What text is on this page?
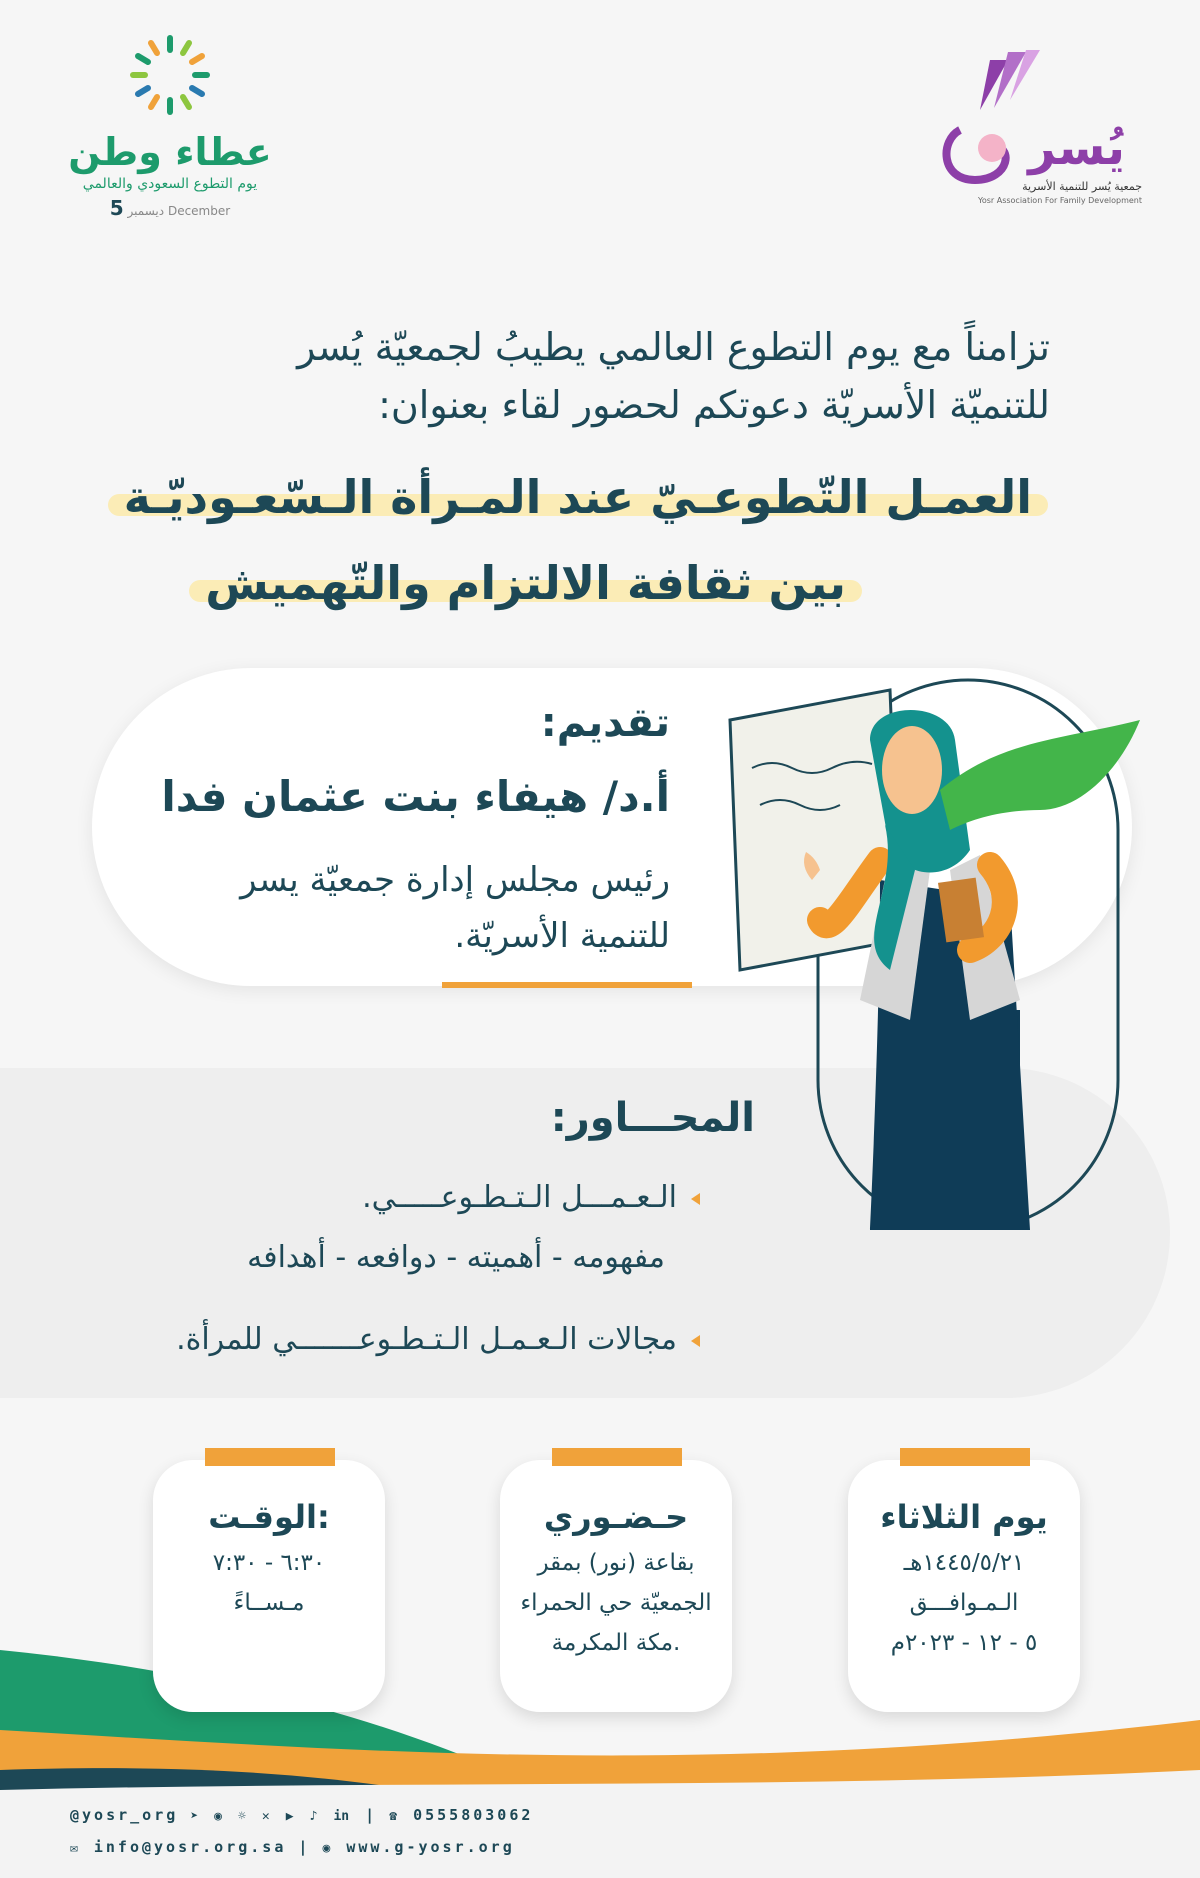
عطاء وطن
يوم التطوع السعودي والعالمي
5 ديسمبر December
يُسر
جمعية يُسر للتنمية الأسرية
Yosr Association For Family Development
تزامناً مع يوم التطوع العالمي يطيبُ لجمعيّة يُسر
للتنميّة الأسريّة دعوتكم لحضور لقاء بعنوان:
العمـل التّطوعـيّ عند المـرأة الـسّعـوديّـة
بين ثقافة الالتزام والتّهميش
تقديم:
أ.د/ هيفاء بنت عثمان فدا
رئيس مجلس إدارة جمعيّة يسر
للتنمية الأسريّة.
المحـــاور:
الـعـمـــل الـتـطـوعـــــي.
مفهومه - أهميته - دوافعه - أهدافه
مجالات الـعـمـل الـتـطـوعـــــــي للمرأة.
الوقـت:
٦:٣٠ - ٧:٣٠
مـســاءً
حـضـوري
بقاعة (نور) بمقر
الجمعيّة حي الحمراء
مكة المكرمة.
يوم الثلاثاء
١٤٤٥/٥/٢١هـ
الـمـوافـــق
٥ - ١٢ - ٢٠٢٣م
@yosr_org ➤ ◉ ☼ ✕ ▶ ♪ in | ☎ 0555803062
✉ info@yosr.org.sa | ◉ www.g-yosr.org
